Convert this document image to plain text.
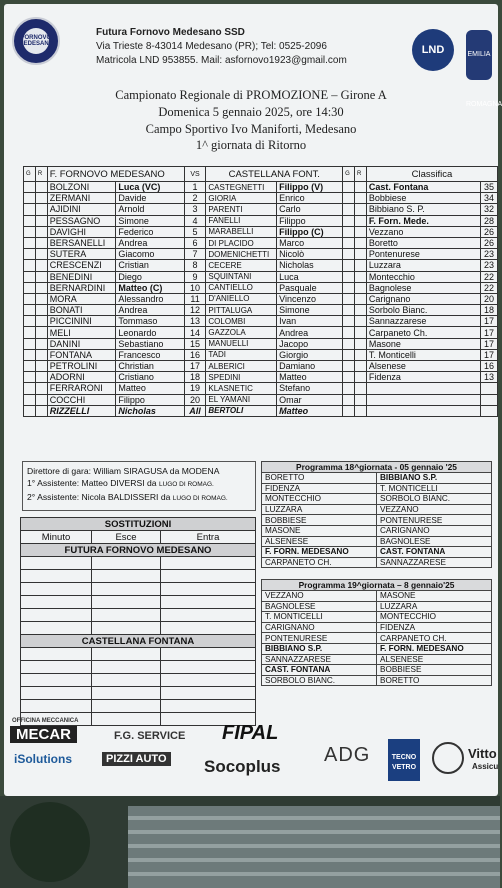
FORNOVO MEDESANO
Futura Fornovo Medesano SSD
Via Trieste 8-43014 Medesano (PR); Tel: 0525-2096
Matricola LND 953855. Mail: asfornovo1923@gmail.com
LND	EMILIA ROMAGNA
Campionato Regionale di PROMOZIONE – Girone A
Domenica 5 gennaio 2025, ore 14:30
Campo Sportivo Ivo Maniforti, Medesano
1^ giornata di Ritorno
G	R	F. FORNOVO MEDESANO		VS	CASTELLANA FONT.		G	R	Classifica	
		BOLZONI	Luca (VC)	1	CASTEGNETTI	Filippo (V)			Cast. Fontana	35
		ZERMANI	Davide	2	GIORIA	Enrico			Bobbiese	34
		AJIDINI	Arnold	3	PARENTI	Carlo			Bibbiano S. P.	32
		PESSAGNO	Simone	4	FANELLI	Filippo			F. Forn. Mede.	28
		DAVIGHI	Federico	5	MARABELLI	Filippo (C)			Vezzano	26
		BERSANELLI	Andrea	6	DI PLACIDO	Marco			Boretto	26
		SUTERA	Giacomo	7	DOMENICHETTI	Nicolò			Pontenurese	23
		CRESCENZI	Cristian	8	CECERE	Nicholas			Luzzara	23
		BENEDINI	Diego	9	SQUINTANI	Luca			Montecchio	22
		BERNARDINI	Matteo (C)	10	CANTIELLO	Pasquale			Bagnolese	22
		MORA	Alessandro	11	D'ANIELLO	Vincenzo			Carignano	20
		BONATI	Andrea	12	PITTALUGA	Simone			Sorbolo Bianc.	18
		PICCININI	Tommaso	13	COLOMBI	Ivan			Sannazzarese	17
		MELI	Leonardo	14	GAZZOLA	Andrea			Carpaneto Ch.	17
		DANINI	Sebastiano	15	MANUELLI	Jacopo			Masone	17
		FONTANA	Francesco	16	TADI	Giorgio			T. Monticelli	17
		PETROLINI	Christian	17	ALBERICI	Damiano			Alsenese	16
		ADORNI	Cristiano	18	SPEDINI	Matteo			Fidenza	13
		FERRARONI	Matteo	19	KLASNETIC	Stefano				
		COCCHI	Filippo	20	EL YAMANI	Omar				
		RIZZELLI	Nicholas	All	BERTOLI	Matteo				
Direttore di gara: William SIRAGUSA da MODENA
1° Assistente: Matteo DIVERSI da LUGO DI ROMAG.
2° Assistente: Nicola BALDISSERI da LUGO DI ROMAG.
SOSTITUZIONI		
Minuto	Esce	Entra
FUTURA FORNOVO MEDESANO		

CASTELLANA FONTANA		

Programma 18^giornata - 05 gennaio '25	
BORETTO	BIBBIANO S.P.
FIDENZA	T. MONTICELLI
MONTECCHIO	SORBOLO BIANC.
LUZZARA	VEZZANO
BOBBIESE	PONTENURESE
MASONE	CARIGNANO
ALSENESE	BAGNOLESE
F. FORN. MEDESANO	CAST. FONTANA
CARPANETO CH.	SANNAZZARESE
Programma 19^giornata – 8 gennaio'25	
VEZZANO	MASONE
BAGNOLESE	LUZZARA
T. MONTICELLI	MONTECCHIO
CARIGNANO	FIDENZA
PONTENURESE	CARPANETO CH.
BIBBIANO S.P.	F. FORN. MEDESANO
SANNAZZARESE	ALSENESE
CAST. FONTANA	BOBBIESE
SORBOLO BIANC.	BORETTO
OFFICINA MECCANICA
MECAR	F.G. SERVICE FIPAL
iSolutions	PIZZI AUTO Socoplus
ADG	TECNO VETRO
Vitto
Assicu
